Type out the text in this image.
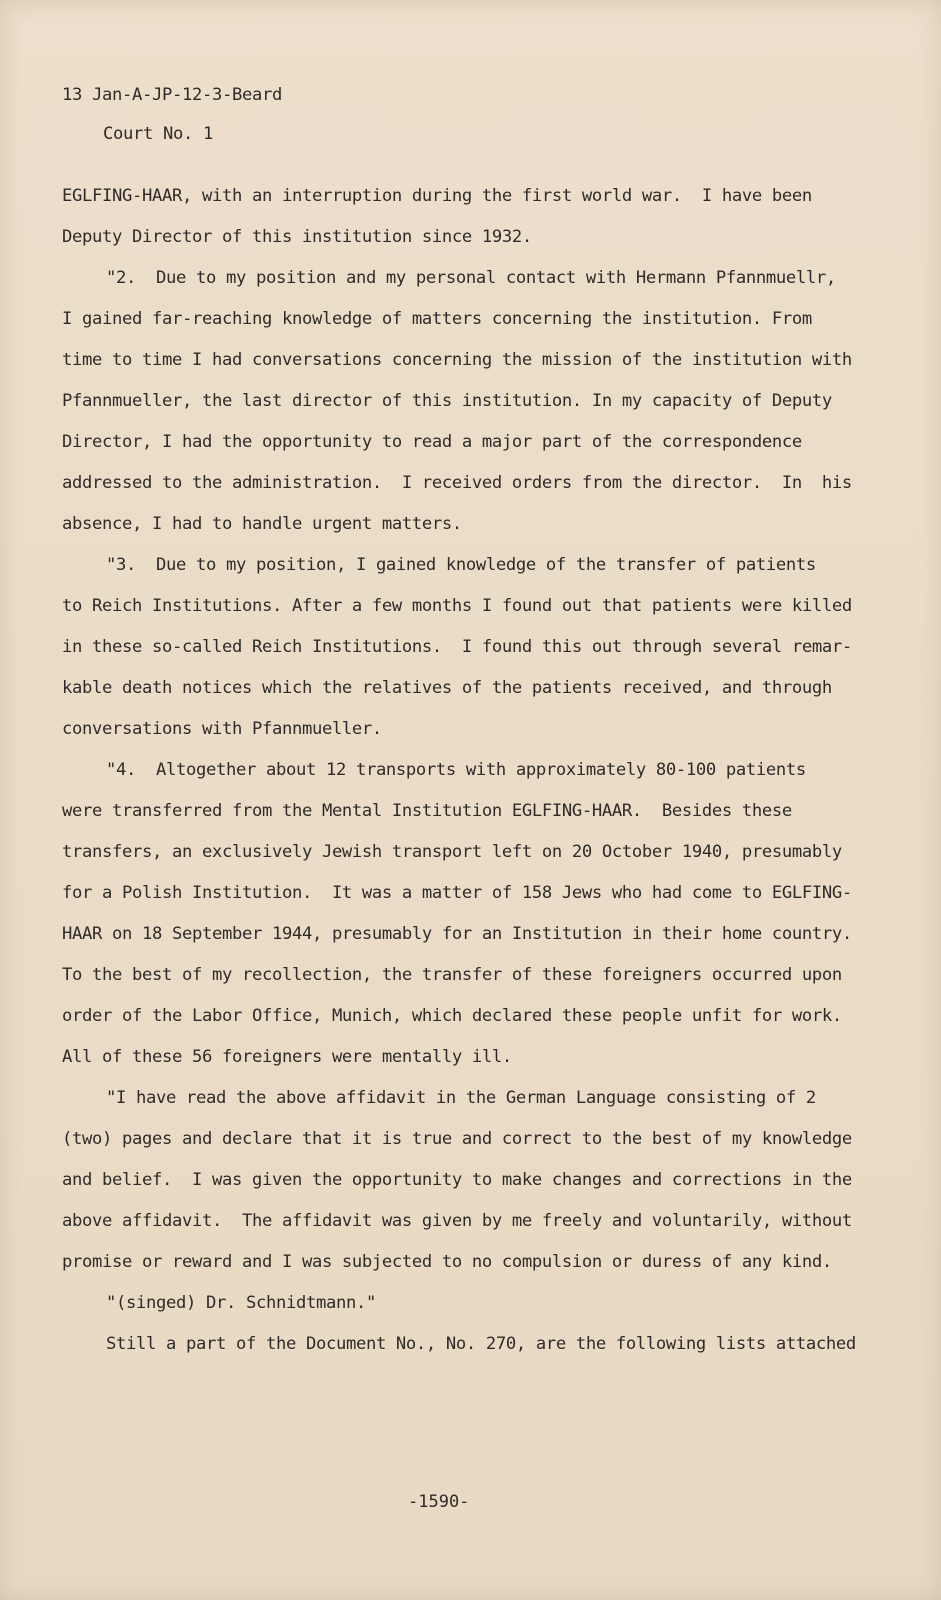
13 Jan-A-JP-12-3-Beard
Court No. 1
EGLFING-HAAR, with an interruption during the first world war.  I have been
Deputy Director of this institution since 1932.
"2.  Due to my position and my personal contact with Hermann Pfannmuellr,
I gained far-reaching knowledge of matters concerning the institution. From
time to time I had conversations concerning the mission of the institution with
Pfannmueller, the last director of this institution. In my capacity of Deputy
Director, I had the opportunity to read a major part of the correspondence
addressed to the administration.  I received orders from the director.  In  his
absence, I had to handle urgent matters.
"3.  Due to my position, I gained knowledge of the transfer of patients
to Reich Institutions. After a few months I found out that patients were killed
in these so-called Reich Institutions.  I found this out through several remar-
kable death notices which the relatives of the patients received, and through
conversations with Pfannmueller.
"4.  Altogether about 12 transports with approximately 80-100 patients
were transferred from the Mental Institution EGLFING-HAAR.  Besides these
transfers, an exclusively Jewish transport left on 20 October 1940, presumably
for a Polish Institution.  It was a matter of 158 Jews who had come to EGLFING-
HAAR on 18 September 1944, presumably for an Institution in their home country.
To the best of my recollection, the transfer of these foreigners occurred upon
order of the Labor Office, Munich, which declared these people unfit for work.
All of these 56 foreigners were mentally ill.
"I have read the above affidavit in the German Language consisting of 2
(two) pages and declare that it is true and correct to the best of my knowledge
and belief.  I was given the opportunity to make changes and corrections in the
above affidavit.  The affidavit was given by me freely and voluntarily, without
promise or reward and I was subjected to no compulsion or duress of any kind.
"(singed) Dr. Schnidtmann."
Still a part of the Document No., No. 270, are the following lists attached
-1590-
